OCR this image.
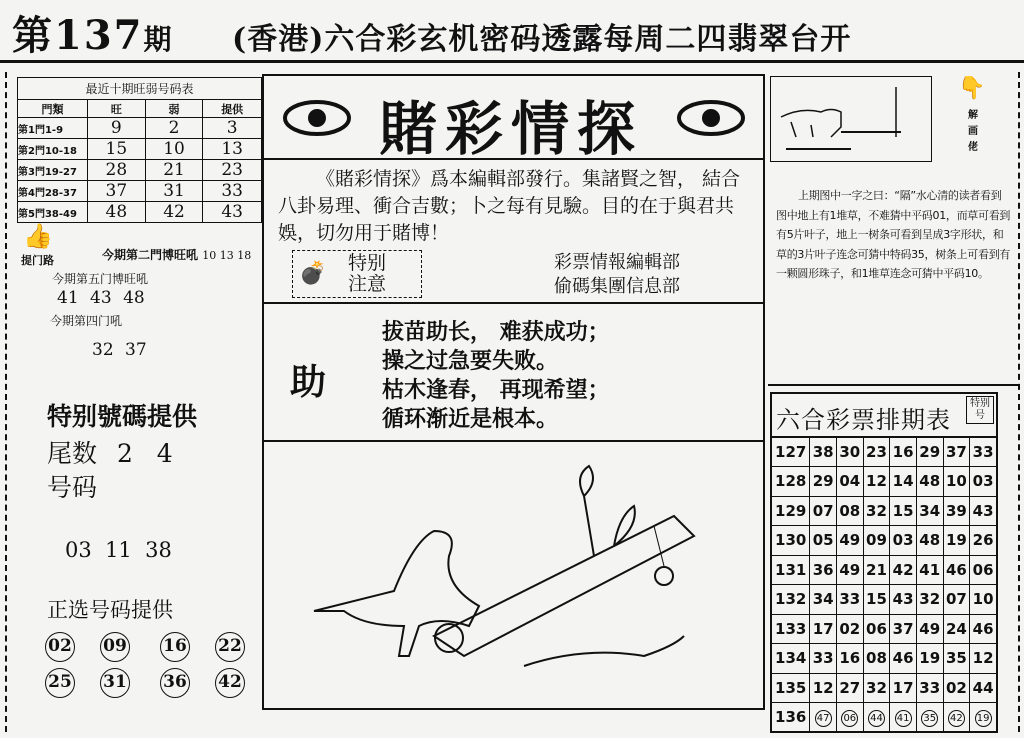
第137期 (香港)六合彩玄机密码透露每周二四翡翠台开
最近十期旺弱号码表
門類	旺	弱	提供
第1門1-9	9	2	3
第2門10-18	15	10	13
第3門19-27	28	21	23
第4門28-37	37	31	33
第5門38-49	48	42	43
👍
提门路	今期第二門博旺吼 10 13 18
今期第五门博旺吼
41 43 48
今期第四门吼
32 37
特别號碼提供
尾数 2   4
号码
03  11  38
正选号码提供
02 09 16 22
25 31 36 42
賭彩情探
《賭彩情探》爲本編輯部發行。集諸賢之智， 結合八卦易理、衝合吉數；卜之每有見驗。目的在于與君共娛，切勿用于賭博！
💣 特别
注意
彩票情報編輯部
偷碼集團信息部
助
拔苗助长， 难获成功；
操之过急要失败。
枯木逢春， 再现希望；
循环渐近是根本。
👇
解画佬
上期图中一字之曰：“隔”水心清的读者看到图中地上有1堆草，不难猜中平码01，而草可看到有5片叶子，地上一树条可看到呈成3字形状，和草的3片叶子连念可猜中特码35，树条上可看到有一颗圆形珠子，和1堆草连念可猜中平码10。
六合彩票排期表
特别号
127	38	30	23	16	29	37	33
128	29	04	12	14	48	10	03
129	07	08	32	15	34	39	43
130	05	49	09	03	48	19	26
131	36	49	21	42	41	46	06
132	34	33	15	43	32	07	10
133	17	02	06	37	49	24	46
134	33	16	08	46	19	35	12
135	12	27	32	17	33	02	44
136	47	06	44	41	35	42	19
